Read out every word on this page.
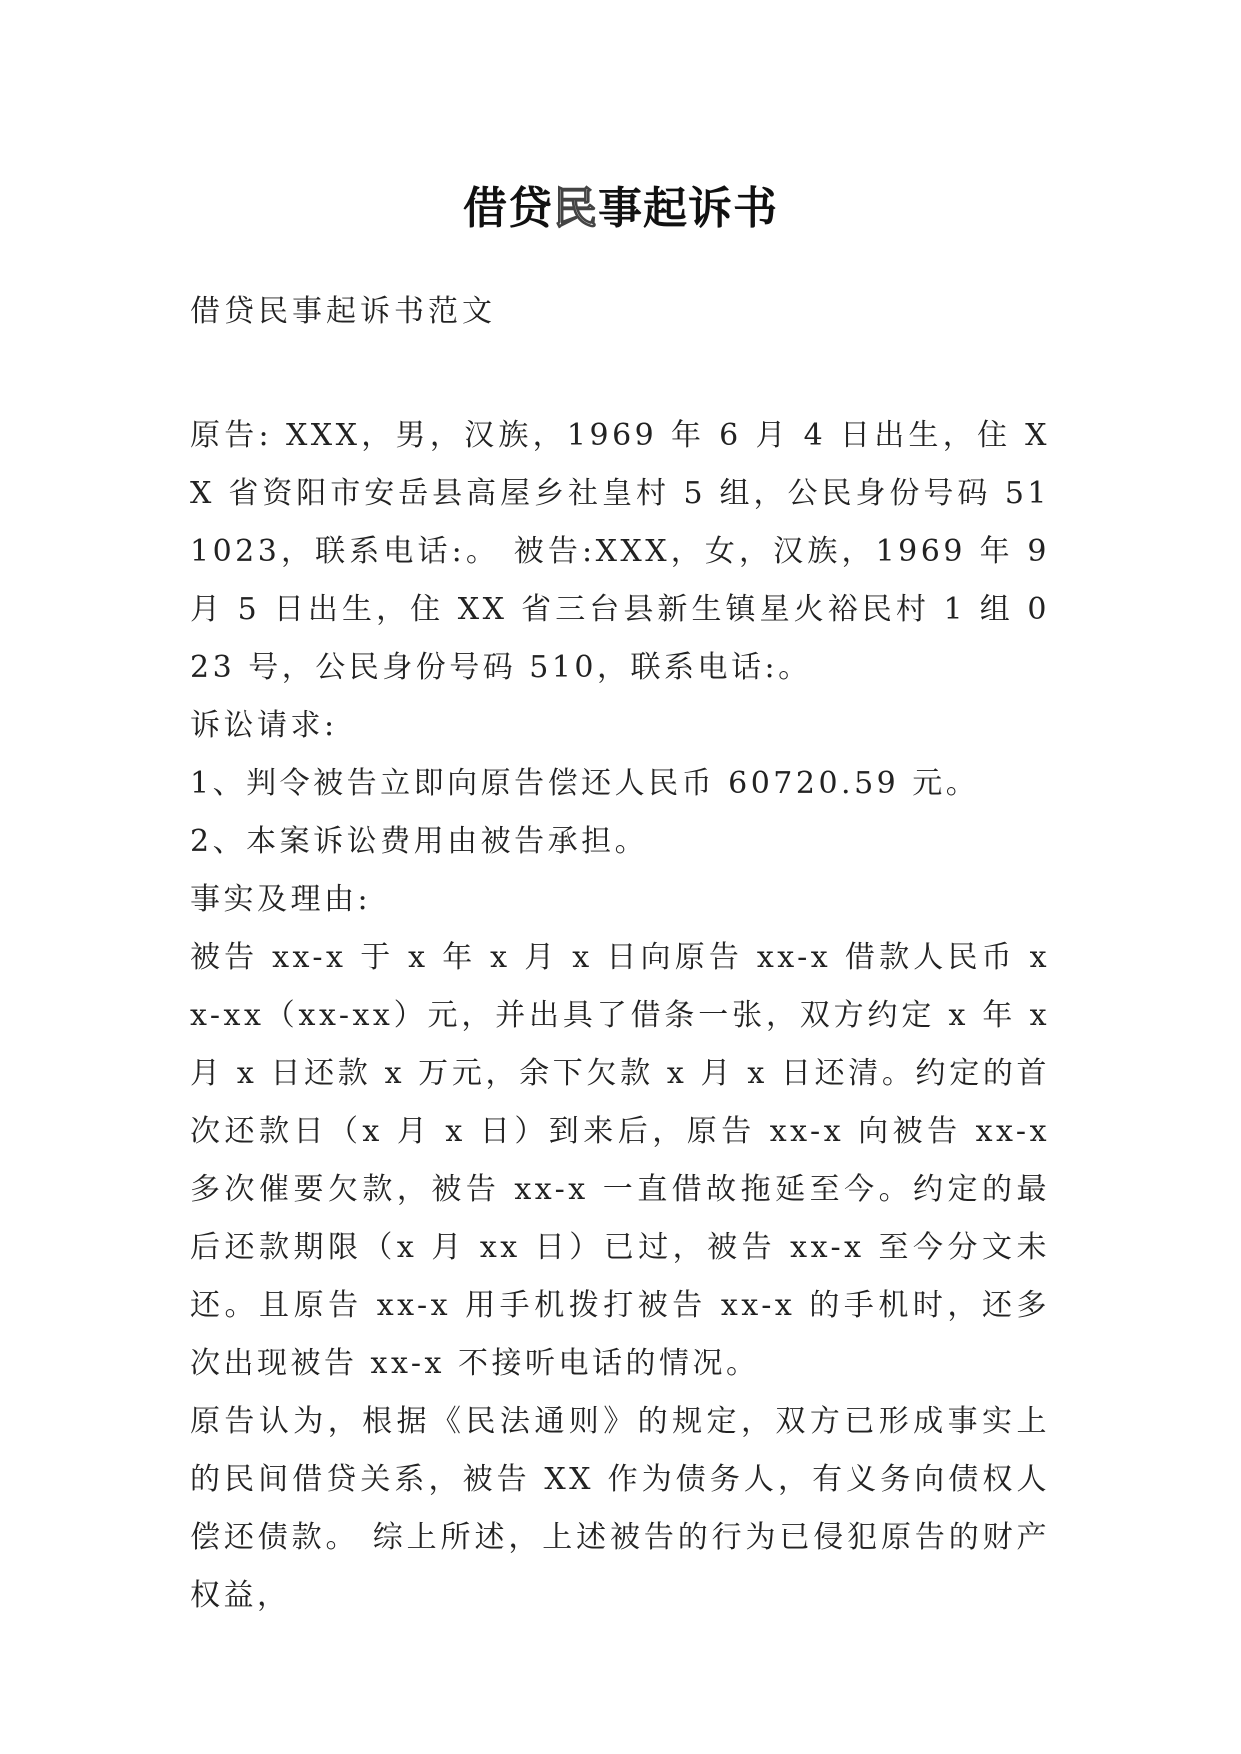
借贷民事起诉书

借贷民事起诉书范文

原告: XXX，男，汉族，1969 年 6 月 4 日出生，住 XX 省资阳市安岳县高屋乡社皇村 5 组，公民身份号码 511023，联系电话:。 被告:XXX，女，汉族，1969 年 9 月 5 日出生，住 XX 省三台县新生镇星火裕民村 1 组 023 号，公民身份号码 510，联系电话:。

诉讼请求:

1、判令被告立即向原告偿还人民币 60720.59 元。

2、本案诉讼费用由被告承担。

事实及理由:

被告 xx-x 于 x 年 x 月 x 日向原告 xx-x 借款人民币 xx-xx（xx-xx）元，并出具了借条一张，双方约定 x 年 x 月 x 日还款 x 万元，余下欠款 x 月 x 日还清。约定的首次还款日（x 月 x 日）到来后，原告 xx-x 向被告 xx-x 多次催要欠款，被告 xx-x 一直借故拖延至今。约定的最后还款期限（x 月 xx 日）已过，被告 xx-x 至今分文未还。且原告 xx-x 用手机拨打被告 xx-x 的手机时，还多次出现被告 xx-x 不接听电话的情况。

原告认为，根据《民法通则》的规定，双方已形成事实上的民间借贷关系，被告 XX 作为债务人，有义务向债权人偿还债款。 综上所述，上述被告的行为已侵犯原告的财产权益，
